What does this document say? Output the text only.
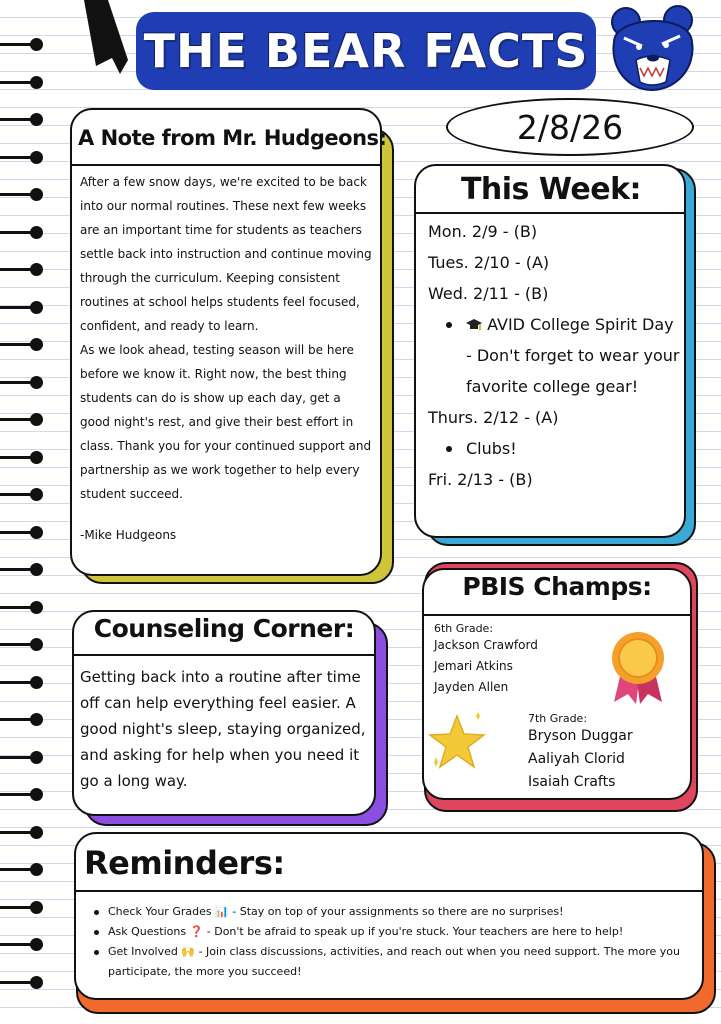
THE BEAR FACTS
2/8/26
A Note from Mr. Hudgeons:

After a few snow days, we're excited to be back into our normal routines. These next few weeks are an important time for students as teachers settle back into instruction and continue moving through the curriculum. Keeping consistent routines at school helps students feel focused, confident, and ready to learn.

As we look ahead, testing season will be here before we know it. Right now, the best thing students can do is show up each day, get a good night's rest, and give their best effort in class. Thank you for your continued support and partnership as we work together to help every student succeed.

-Mike Hudgeons
This Week:
Mon. 2/9 - (B)
Tues. 2/10 - (A)
Wed. 2/11 - (B)
AVID College Spirit Day - Don't forget to wear your favorite college gear!
Thurs. 2/12 - (A)
Clubs!
Fri. 2/13 - (B)
Counseling Corner:
Getting back into a routine after time off can help everything feel easier. A good night's sleep, staying organized, and asking for help when you need it go a long way.
PBIS Champs:
6th Grade:
Jackson Crawford
Jemari Atkins
Jayden Allen
7th Grade:
Bryson Duggar
Aaliyah Clorid
Isaiah Crafts
Reminders:
Check Your Grades 📊 - Stay on top of your assignments so there are no surprises!
Ask Questions ❓ - Don't be afraid to speak up if you're stuck. Your teachers are here to help!
Get Involved 🙌 - Join class discussions, activities, and reach out when you need support. The more you participate, the more you succeed!
